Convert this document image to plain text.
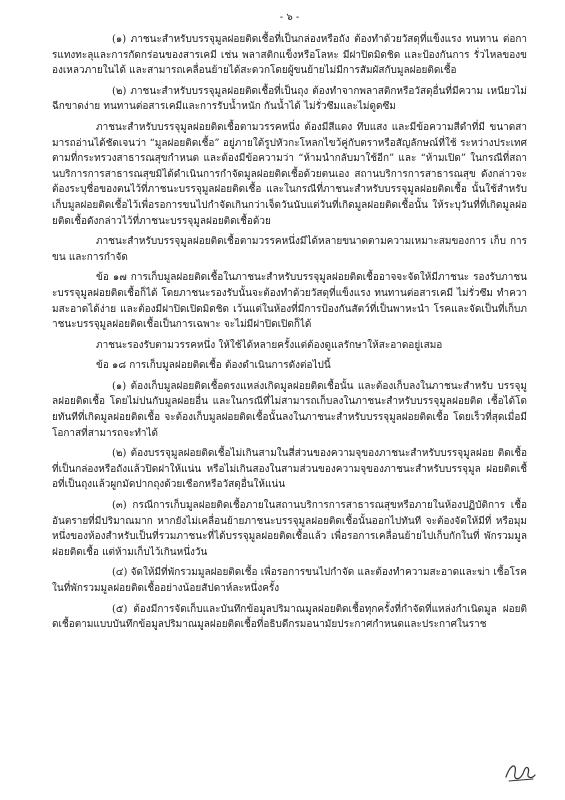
- ๖ -

(๑) ภาชนะสำหรับบรรจุมูลฝอยติดเชื้อที่เป็นกล่องหรือถัง ต้องทำด้วยวัสดุที่แข็งแรง ทนทาน ต่อการแทงทะลุและการกัดกร่อนของสารเคมี เช่น พลาสติกแข็งหรือโลหะ มีฝาปิดมิดชิด และป้องกันการ รั่วไหลของของเหลวภายในได้ และสามารถเคลื่อนย้ายได้สะดวกโดยผู้ขนย้ายไม่มีการสัมผัสกับมูลฝอยติดเชื้อ

(๒) ภาชนะสำหรับบรรจุมูลฝอยติดเชื้อที่เป็นถุง ต้องทำจากพลาสติกหรือวัสดุอื่นที่มีความ เหนียวไม่ฉีกขาดง่าย ทนทานต่อสารเคมีและการรับน้ำหนัก กันน้ำได้ ไม่รั่วซึมและไม่ดูดซึม

ภาชนะสำหรับบรรจุมูลฝอยติดเชื้อตามวรรคหนึ่ง ต้องมีสีแดง ทึบแสง และมีข้อความสีดำที่มี ขนาดสามารถอ่านได้ชัดเจนว่า “มูลฝอยติดเชื้อ” อยู่ภายใต้รูปหัวกะโหลกไขว้คู่กับตราหรือสัญลักษณ์ที่ใช้ ระหว่างประเทศตามที่กระทรวงสาธารณสุขกำหนด และต้องมีข้อความว่า “ห้ามนำกลับมาใช้อีก” และ “ห้ามเปิด” ในกรณีที่สถานบริการการสาธารณสุขมิได้ดำเนินการกำจัดมูลฝอยติดเชื้อด้วยตนเอง สถานบริการการสาธารณสุข ดังกล่าวจะต้องระบุชื่อของตนไว้ที่ภาชนะบรรจุมูลฝอยติดเชื้อ และในกรณีที่ภาชนะสำหรับบรรจุมูลฝอยติดเชื้อ นั้นใช้สำหรับเก็บมูลฝอยติดเชื้อไว้เพื่อรอการขนไปกำจัดเกินกว่าเจ็ดวันนับแต่วันที่เกิดมูลฝอยติดเชื้อนั้น ให้ระบุวันที่ที่เกิดมูลฝอยติดเชื้อดังกล่าวไว้ที่ภาชนะบรรจุมูลฝอยติดเชื้อด้วย

ภาชนะสำหรับบรรจุมูลฝอยติดเชื้อตามวรรคหนึ่งมีได้หลายขนาดตามความเหมาะสมของการ เก็บ การขน และการกำจัด

ข้อ ๑๗ การเก็บมูลฝอยติดเชื้อในภาชนะสำหรับบรรจุมูลฝอยติดเชื้ออาจจะจัดให้มีภาชนะ รองรับภาชนะบรรจุมูลฝอยติดเชื้อก็ได้ โดยภาชนะรองรับนั้นจะต้องทำด้วยวัสดุที่แข็งแรง ทนทานต่อสารเคมี ไม่รั่วซึม ทำความสะอาดได้ง่าย และต้องมีฝาปิดเปิดมิดชิด เว้นแต่ในห้องที่มีการป้องกันสัตว์ที่เป็นพาหะนำ โรคและจัดเป็นที่เก็บภาชนะบรรจุมูลฝอยติดเชื้อเป็นการเฉพาะ จะไม่มีฝาปิดเปิดก็ได้

ภาชนะรองรับตามวรรคหนึ่ง ให้ใช้ได้หลายครั้งแต่ต้องดูแลรักษาให้สะอาดอยู่เสมอ

ข้อ ๑๘ การเก็บมูลฝอยติดเชื้อ ต้องดำเนินการดังต่อไปนี้

(๑) ต้องเก็บมูลฝอยติดเชื้อตรงแหล่งเกิดมูลฝอยติดเชื้อนั้น และต้องเก็บลงในภาชนะสำหรับ บรรจุมูลฝอยติดเชื้อ โดยไม่ปนกับมูลฝอยอื่น และในกรณีที่ไม่สามารถเก็บลงในภาชนะสำหรับบรรจุมูลฝอยติด เชื้อได้โดยทันทีที่เกิดมูลฝอยติดเชื้อ จะต้องเก็บมูลฝอยติดเชื้อนั้นลงในภาชนะสำหรับบรรจุมูลฝอยติดเชื้อ โดยเร็วที่สุดเมื่อมีโอกาสที่สามารถจะทำได้

(๒) ต้องบรรจุมูลฝอยติดเชื้อไม่เกินสามในสี่ส่วนของความจุของภาชนะสำหรับบรรจุมูลฝอย ติดเชื้อที่เป็นกล่องหรือถังแล้วปิดฝาให้แน่น หรือไม่เกินสองในสามส่วนของความจุของภาชนะสำหรับบรรจุมูล ฝอยติดเชื้อที่เป็นถุงแล้วผูกมัดปากถุงด้วยเชือกหรือวัสดุอื่นให้แน่น

(๓) กรณีการเก็บมูลฝอยติดเชื้อภายในสถานบริการการสาธารณสุขหรือภายในห้องปฏิบัติการ เชื้ออันตรายที่มีปริมาณมาก หากยังไม่เคลื่อนย้ายภาชนะบรรจุมูลฝอยติดเชื้อนั้นออกไปทันที จะต้องจัดให้มีที่ หรือมุมหนึ่งของห้องสำหรับเป็นที่รวมภาชนะที่ได้บรรจุมูลฝอยติดเชื้อแล้ว เพื่อรอการเคลื่อนย้ายไปเก็บกักในที่ พักรวมมูลฝอยติดเชื้อ แต่ห้ามเก็บไว้เกินหนึ่งวัน

(๔) จัดให้มีที่พักรวมมูลฝอยติดเชื้อ เพื่อรอการขนไปกำจัด และต้องทำความสะอาดและฆ่า เชื้อโรคในที่พักรวมมูลฝอยติดเชื้ออย่างน้อยสัปดาห์ละหนึ่งครั้ง

(๕) ต้องมีการจัดเก็บและบันทึกข้อมูลปริมาณมูลฝอยติดเชื้อทุกครั้งที่กำจัดที่แหล่งกำเนิดมูล ฝอยติดเชื้อตามแบบบันทึกข้อมูลปริมาณมูลฝอยติดเชื้อที่อธิบดีกรมอนามัยประกาศกำหนดและประกาศในราช
